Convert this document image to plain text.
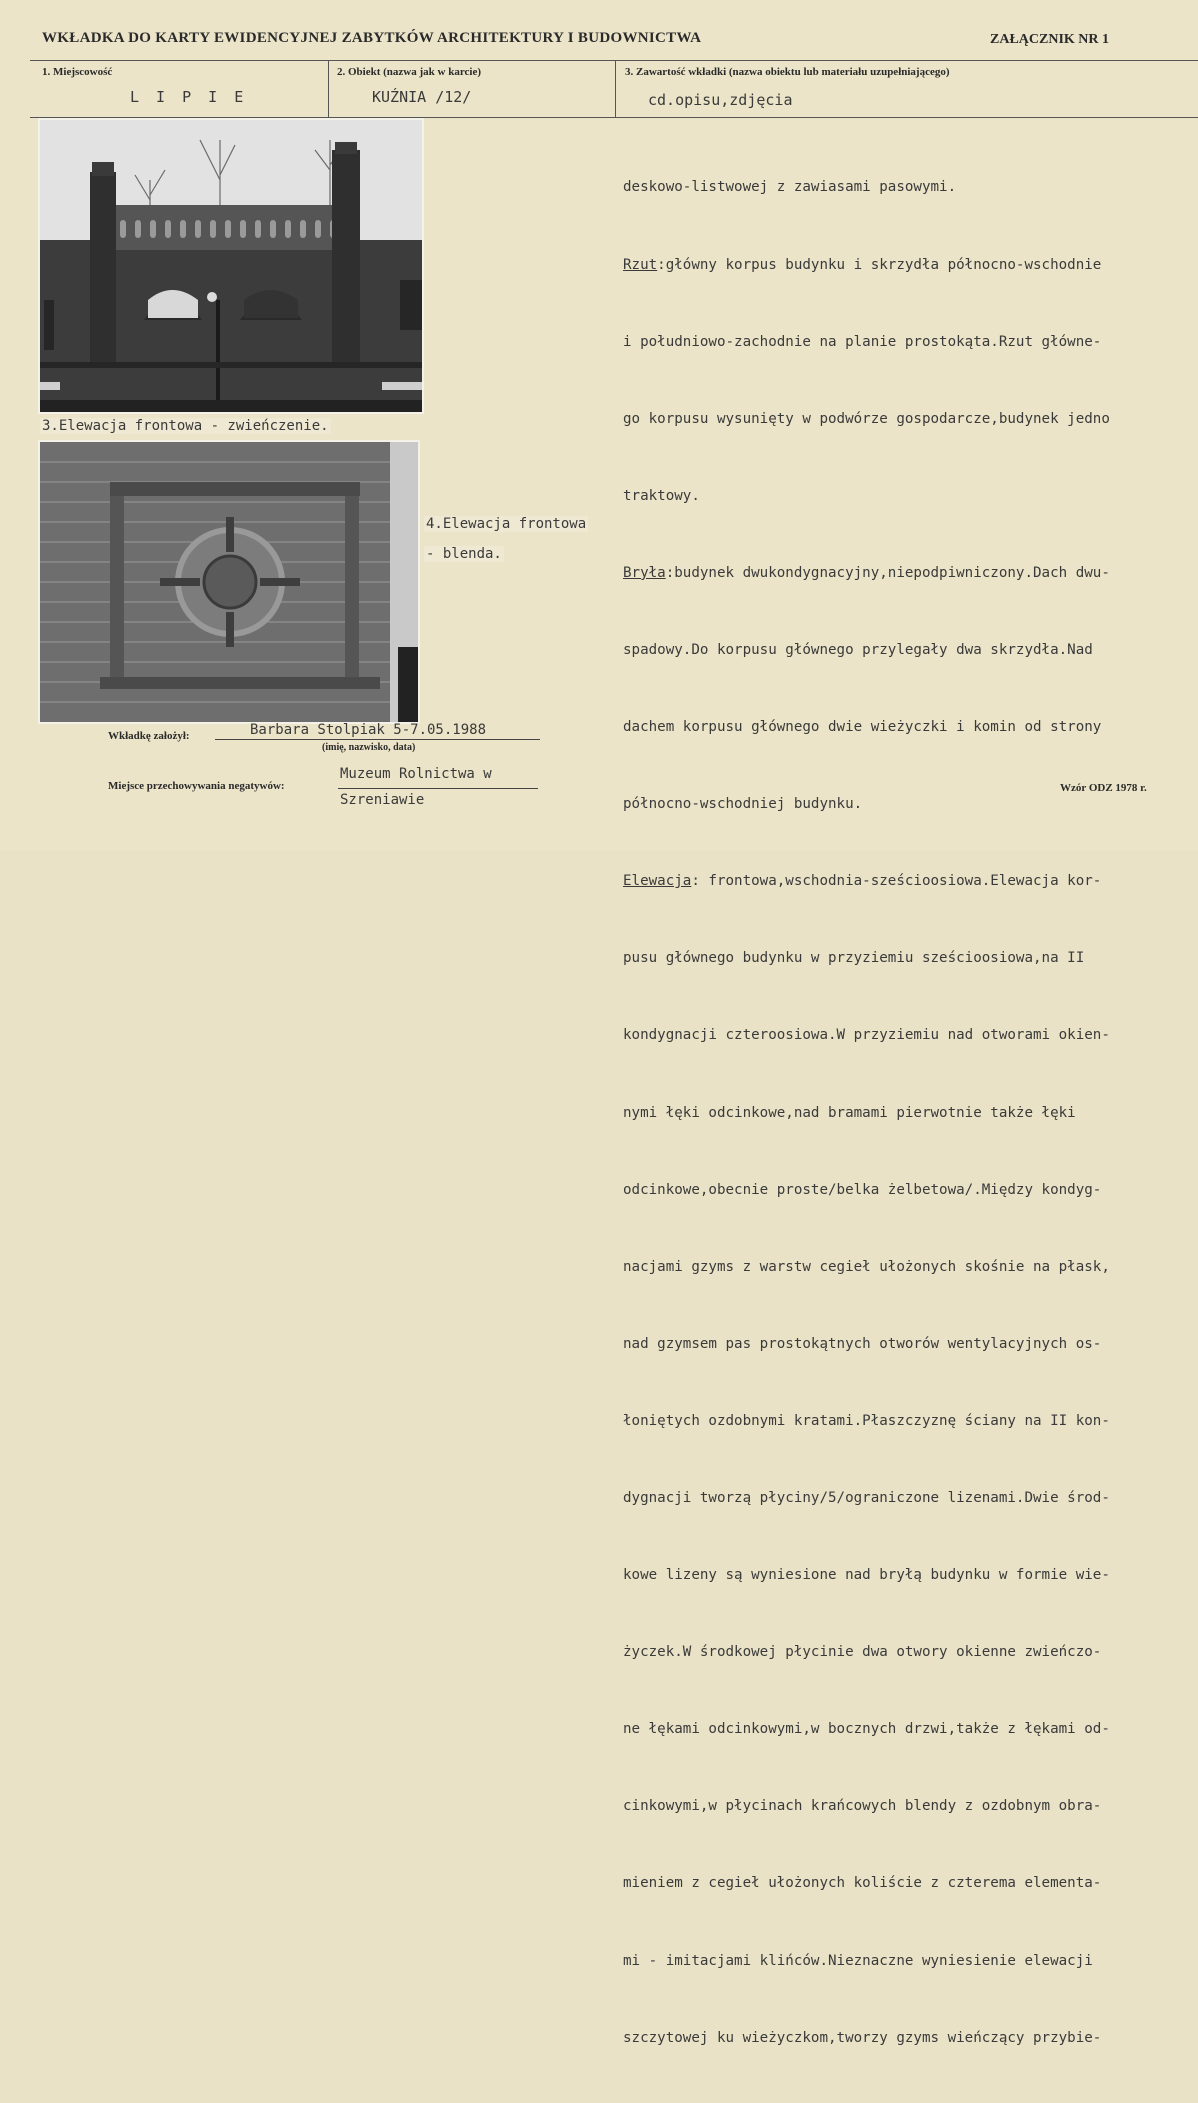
WKŁADKA DO KARTY EWIDENCYJNEJ ZABYTKÓW ARCHITEKTURY I BUDOWNICTWA	ZAŁĄCZNIK NR 1
1. Miejscowość
L I P I E
2. Obiekt (nazwa jak w karcie)
KUŹNIA /12/
3. Zawartość wkładki (nazwa obiektu lub materiału uzupełniającego)
cd.opisu,zdjęcia
3.Elewacja frontowa - zwieńczenie.
4.Elewacja frontowa
- blenda.

deskowo-listwowej z zawiasami pasowymi.

Rzut:główny korpus budynku i skrzydła północno-wschodnie

i południowo-zachodnie na planie prostokąta.Rzut główne-

go korpusu wysunięty w podwórze gospodarcze,budynek jedno

traktowy.

Bryła:budynek dwukondygnacyjny,niepodpiwniczony.Dach dwu-

spadowy.Do korpusu głównego przylegały dwa skrzydła.Nad

dachem korpusu głównego dwie wieżyczki i komin od strony

północno-wschodniej budynku.

Elewacja: frontowa,wschodnia-sześcioosiowa.Elewacja kor-

pusu głównego budynku w przyziemiu sześcioosiowa,na II

kondygnacji czteroosiowa.W przyziemiu nad otworami okien-

nymi łęki odcinkowe,nad bramami pierwotnie także łęki

odcinkowe,obecnie proste/belka żelbetowa/.Między kondyg-

nacjami gzyms z warstw cegieł ułożonych skośnie na płask,

nad gzymsem pas prostokątnych otworów wentylacyjnych os-

łoniętych ozdobnymi kratami.Płaszczyznę ściany na II kon-

dygnacji tworzą płyciny/5/ograniczone lizenami.Dwie środ-

kowe lizeny są wyniesione nad bryłą budynku w formie wie-

życzek.W środkowej płycinie dwa otwory okienne zwieńczo-

ne łękami odcinkowymi,w bocznych drzwi,także z łękami od-

cinkowymi,w płycinach krańcowych blendy z ozdobnym obra-

mieniem z cegieł ułożonych koliście z czterema elementa-

mi - imitacjami klińców.Nieznaczne wyniesienie elewacji

szczytowej ku wieżyczkom,tworzy gzyms wieńczący przybie-

Wkładkę założył:	Barbara Stolpiak 5-7.05.1988
(imię, nazwisko, data)
Miejsce przechowywania negatywów:
Muzeum Rolnictwa w
Szreniawie
Wzór ODZ 1978 r.
